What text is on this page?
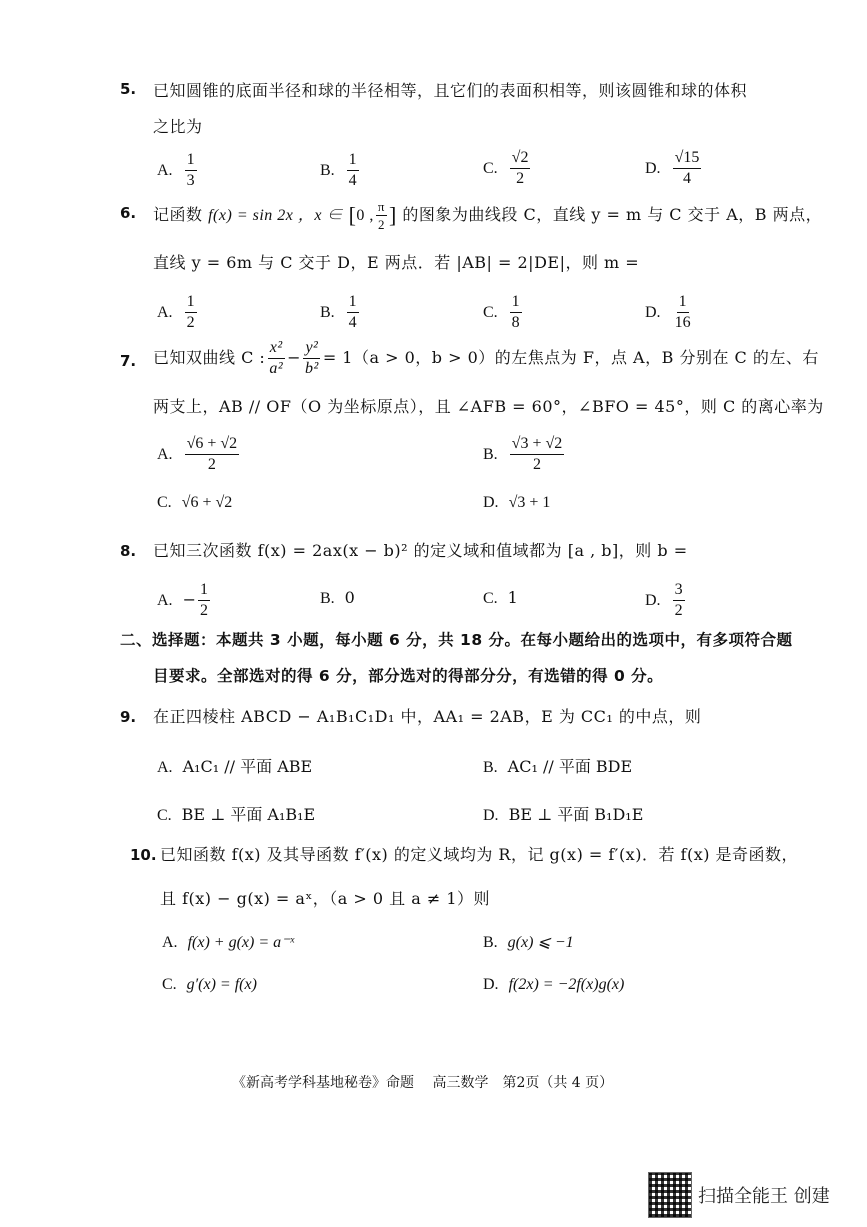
5. 已知圆锥的底面半径和球的半径相等，且它们的表面积相等，则该圆锥和球的体积
之比为
A. $\frac{1}{3}$	B. $\frac{1}{4}$	C. $\frac{√2}{2}$	D. $\frac{√15}{4}$
6. 记函数 f(x) = sin 2x ，x ∈ [0 , $\frac{\pi}{2}$ ] 的图象为曲线段 C，直线 y = m 与 C 交于 A，B 两点，
直线 y = 6m 与 C 交于 D，E 两点．若 |AB| = 2|DE|，则 m =
A. $\frac{1}{2}$	B. $\frac{1}{4}$	C. $\frac{1}{8}$	D. $\frac{1}{16}$
7. 已知双曲线 C : $\frac{\text{x²}}{\text{a²}} - \frac{\text{y²}}{\text{b²}} = 1(a > 0$，b > 0）的左焦点为 F，点 A，B 分别在 C 的左、右
两支上，AB // OF（O 为坐标原点），且 ∠AFB = 60°，∠BFO = 45°，则 C 的离心率为
A. $\frac{√6 + √2}{2}$	B. $\frac{√3 + √2}{2}$
C. √6 + √2	D. √3 + 1
8. 已知三次函数 f(x) = 2ax(x − b)² 的定义域和值域都为 [a , b]，则 b =
A. − $\frac{1}{2}$	B. 0	C. 1	D. $\frac{3}{2}$
二、选择题：本题共 3 小题，每小题 6 分，共 18 分。在每小题给出的选项中，有多项符合题
目要求。全部选对的得 6 分，部分选对的得部分分，有选错的得 0 分。
9. 在正四棱柱 ABCD − A₁B₁C₁D₁ 中，AA₁ = 2AB，E 为 CC₁ 的中点，则
A. A₁C₁ // 平面 ABE	B. AC₁ // 平面 BDE
C. BE ⊥ 平面 A₁B₁E	D. BE ⊥ 平面 B₁D₁E
10. 已知函数 f(x) 及其导函数 f′(x) 的定义域均为 R，记 g(x) = f′(x)．若 f(x) 是奇函数，
且 f(x) − g(x) = aˣ，（a > 0 且 a ≠ 1）则
A. f(x) + g(x) = a⁻ˣ	B. g(x) ⩽ −1
C. g′(x) = f(x)	D. f(2x) = −2f(x)g(x)
《新高考学科基地秘卷》命题　 高三数学　第2页（共 4 页）
扫描全能王 创建
